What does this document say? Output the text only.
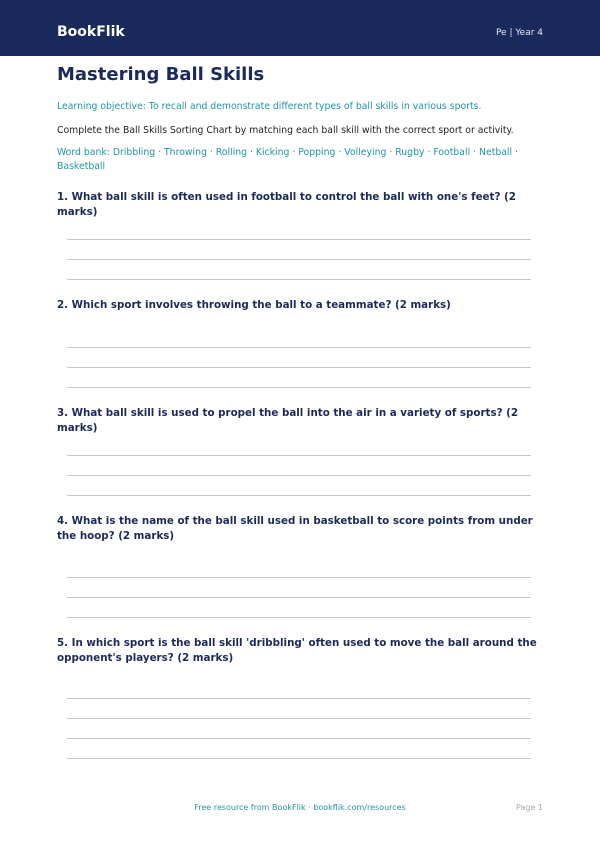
BookFlik	Pe | Year 4
Mastering Ball Skills
Learning objective: To recall and demonstrate different types of ball skills in various sports.
Complete the Ball Skills Sorting Chart by matching each ball skill with the correct sport or activity.
Word bank: Dribbling · Throwing · Rolling · Kicking · Popping · Volleying · Rugby · Football · Netball · Basketball
1. What ball skill is often used in football to control the ball with one's feet? (2 marks)
2. Which sport involves throwing the ball to a teammate? (2 marks)
3. What ball skill is used to propel the ball into the air in a variety of sports? (2 marks)
4. What is the name of the ball skill used in basketball to score points from under the hoop? (2 marks)
5. In which sport is the ball skill 'dribbling' often used to move the ball around the opponent's players? (2 marks)
Free resource from BookFlik · bookflik.com/resources	Page 1
